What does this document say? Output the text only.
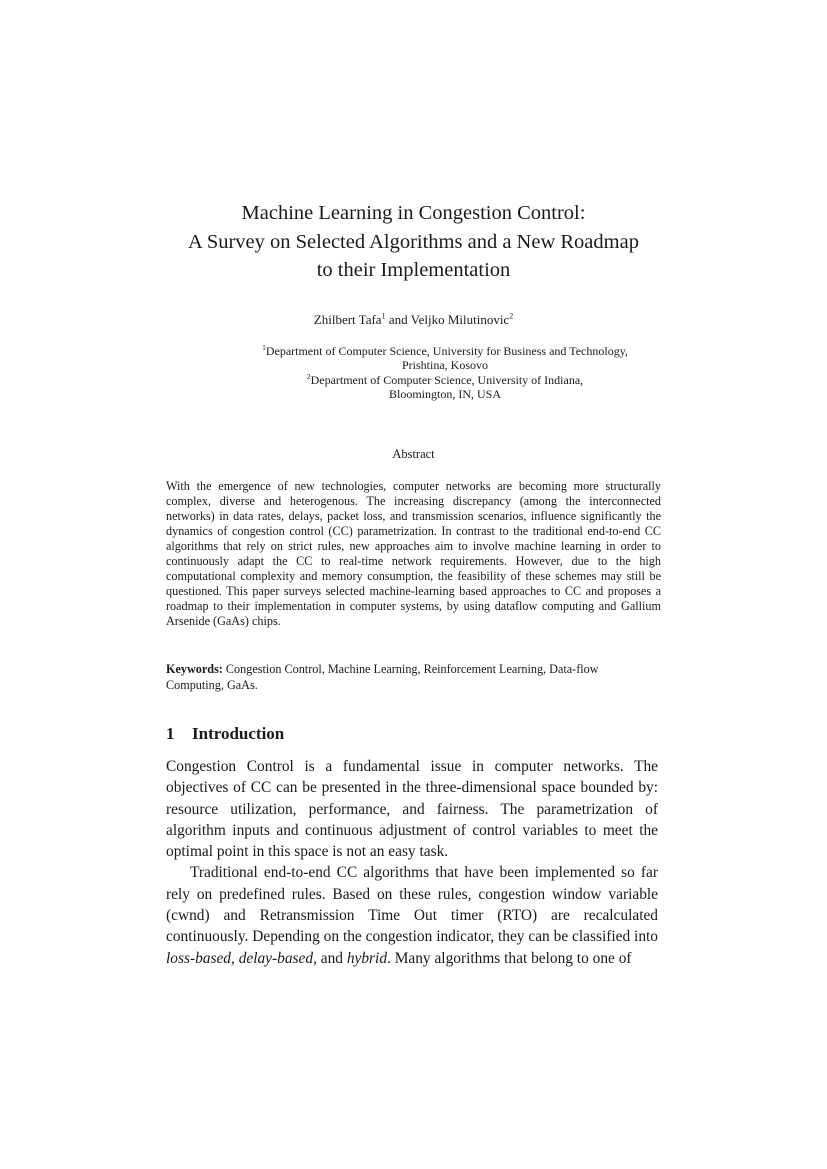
Machine Learning in Congestion Control:
A Survey on Selected Algorithms and a New Roadmap
to their Implementation
Zhilbert Tafa$^1$ and Veljko Milutinovic$^2$
$^1$Department of Computer Science, University for Business and Technology,
Prishtina, Kosovo
$^2$Department of Computer Science, University of Indiana,
Bloomington, IN, USA
Abstract

With the emergence of new technologies, computer networks are becoming more structurally complex, diverse and heterogenous. The increasing discrepancy (among the interconnected networks) in data rates, delays, packet loss, and transmission scenarios, influence significantly the dynamics of congestion control (CC) parametrization. In contrast to the traditional end-to-end CC algorithms that rely on strict rules, new approaches aim to involve machine learning in order to continuously adapt the CC to real-time network requirements. However, due to the high computational complexity and memory consumption, the feasibility of these schemes may still be questioned. This paper surveys selected machine-learning based approaches to CC and proposes a roadmap to their implementation in computer systems, by using dataflow computing and Gallium Arsenide (GaAs) chips.

Keywords: Congestion Control, Machine Learning, Reinforcement Learning, Data-flow Computing, GaAs.

1 Introduction

Congestion Control is a fundamental issue in computer networks. The objectives of CC can be presented in the three-dimensional space bounded by: resource utilization, performance, and fairness. The parametrization of algorithm inputs and continuous adjustment of control variables to meet the optimal point in this space is not an easy task.

Traditional end-to-end CC algorithms that have been implemented so far rely on predefined rules. Based on these rules, congestion window variable (cwnd) and Retransmission Time Out timer (RTO) are recalculated continuously. Depending on the congestion indicator, they can be classified into loss-based, delay-based, and hybrid. Many algorithms that belong to one of
